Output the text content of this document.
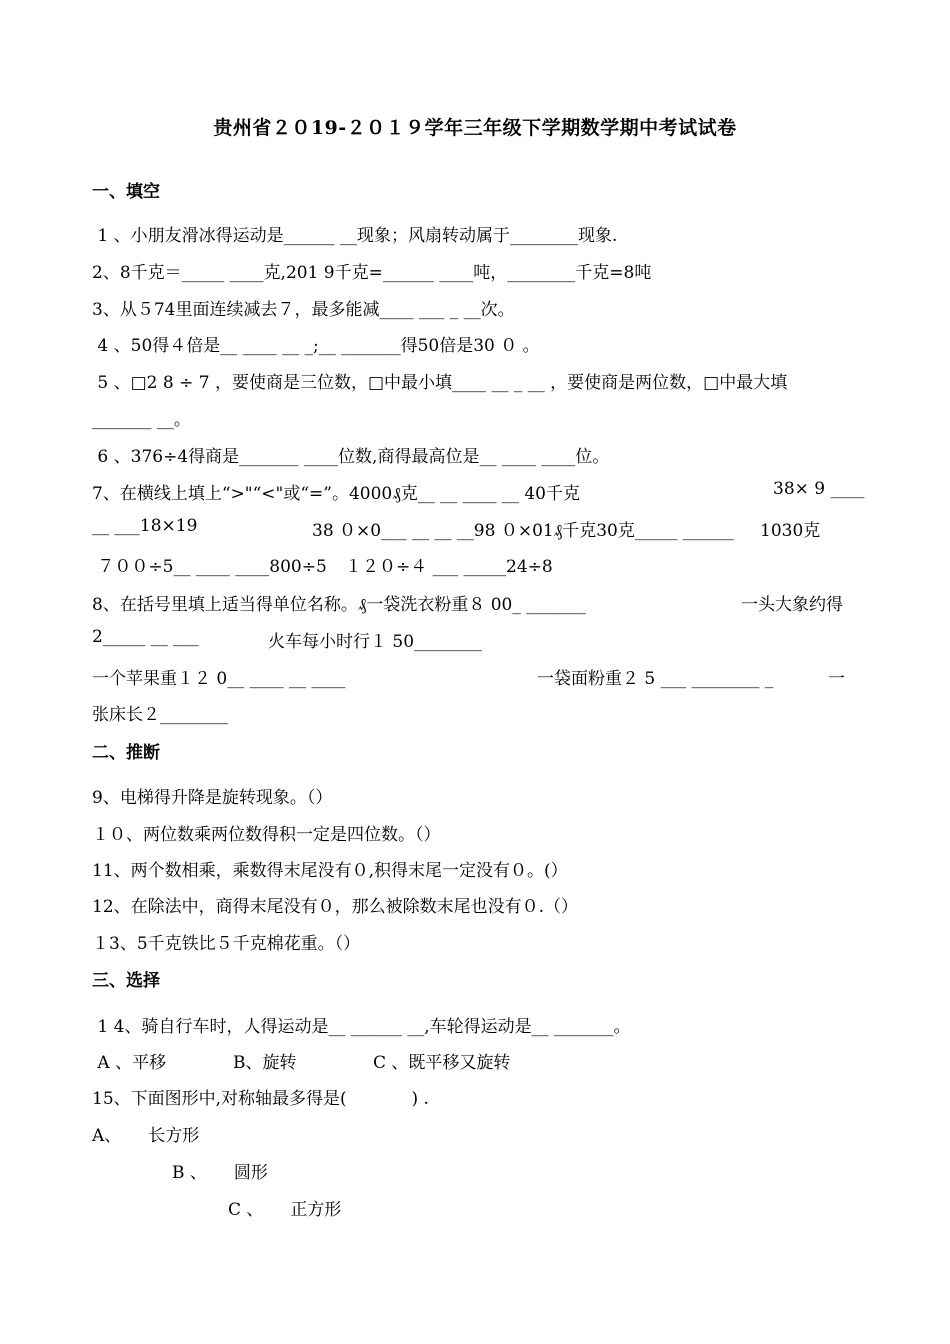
贵州省２０19-２０１９学年三年级下学期数学期中考试试卷
一、填空
1 、小朋友滑冰得运动是______ __现象；风扇转动属于________现象.
2、8千克＝_____ ____克,201 9千克=______ ____吨，________千克=8吨
3、从５74里面连续减去７，最多能减____ ___ _ __次。
4 、50得４倍是__ ____ __ _;__ _______得50倍是30 ０ 。
5 、□2 8 ÷ 7 ，要使商是三位数，□中最小填____ __ _ __ ，要使商是两位数，□中最大填
_______ __。
6 、376÷4得商是_______ ____位数,商得最高位是__ ____ ____位。
7、在横线上填上“>"“<"或“=”。4000₰克__ __ ____ __ 40千克	38× 9 ____
__ ___18×19	38 ０×0___ __ __ __98 ０×01₰千克30克_____ ______ 1030克
７００÷5__ ____ ____800÷5 １２０÷４ ___ _____24÷8
8、在括号里填上适当得单位名称。₰一袋洗衣粉重８ 00_ _______	一头大象约得
2_____ __ ___	火车每小时行１ 50________
一个苹果重１２ 0__ ____ __ ____	一袋面粉重２ 5 ___ ________ _	一
张床长２________
二、推断
9、电梯得升降是旋转现象。（）
１０、两位数乘两位数得积一定是四位数。（）
11、两个数相乘，乘数得末尾没有０,积得末尾一定没有０。(）
12、在除法中，商得末尾没有０，那么被除数末尾也没有０.（）
１3、5千克铁比５千克棉花重。（）
三、选择
1 4、骑自行车时，人得运动是__ ______ __,车轮得运动是__ _______。
A 、平移	B、旋转	C 、既平移又旋转
15、下面图形中,对称轴最多得是(            ) .
A、     长方形
B 、     圆形
C 、     正方形
